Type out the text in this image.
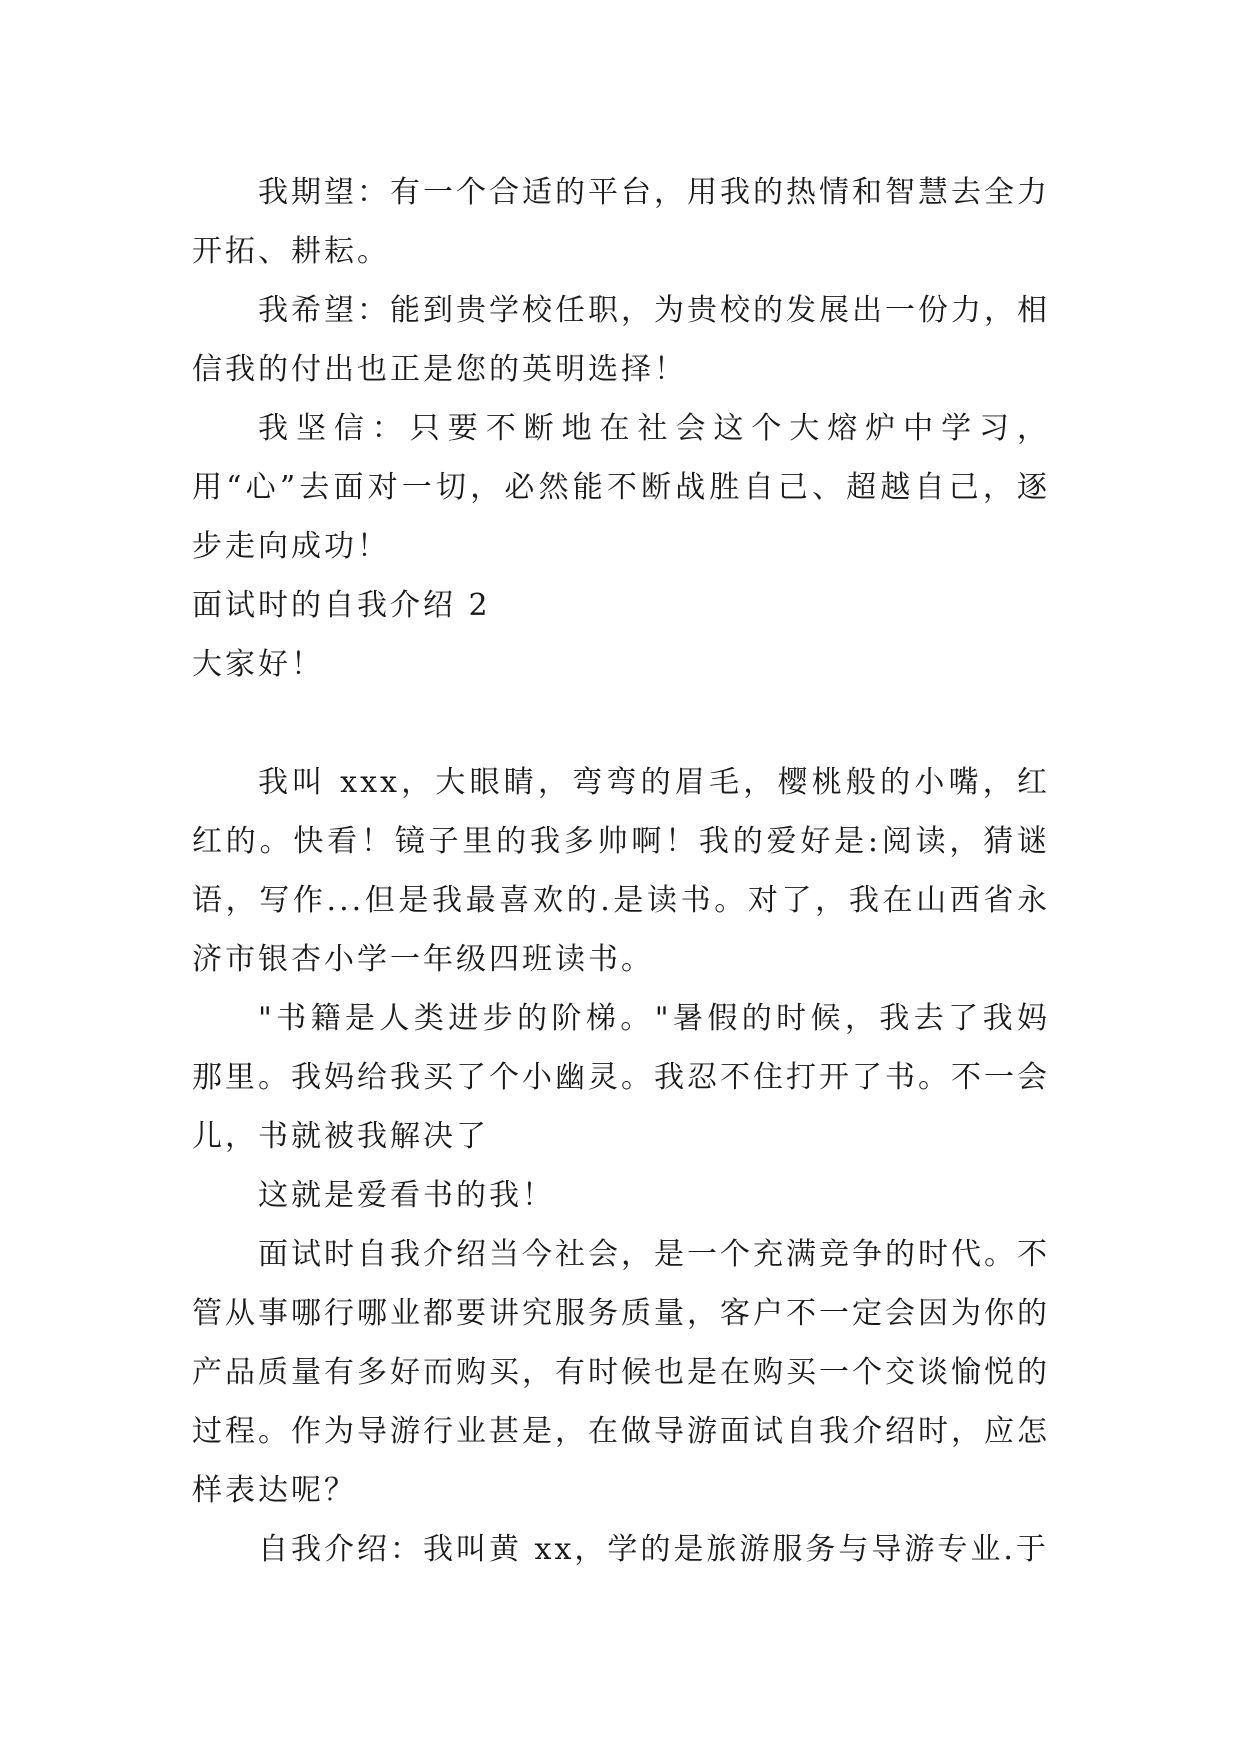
我期望：有一个合适的平台，用我的热情和智慧去全力开拓、耕耘。

我希望：能到贵学校任职，为贵校的发展出一份力，相信我的付出也正是您的英明选择！

我坚信：只要不断地在社会这个大熔炉中学习，用“心”去面对一切，必然能不断战胜自己、超越自己，逐步走向成功！

面试时的自我介绍 2

大家好！

我叫 xxx，大眼睛，弯弯的眉毛，樱桃般的小嘴，红红的。快看！镜子里的我多帅啊！我的爱好是:阅读，猜谜语，写作...但是我最喜欢的.是读书。对了，我在山西省永济市银杏小学一年级四班读书。

"书籍是人类进步的阶梯。"暑假的时候，我去了我妈那里。我妈给我买了个小幽灵。我忍不住打开了书。不一会儿，书就被我解决了

这就是爱看书的我！

面试时自我介绍当今社会，是一个充满竞争的时代。不管从事哪行哪业都要讲究服务质量，客户不一定会因为你的产品质量有多好而购买，有时候也是在购买一个交谈愉悦的过程。作为导游行业甚是，在做导游面试自我介绍时，应怎样表达呢？

自我介绍：我叫黄 xx，学的是旅游服务与导游专业.于
